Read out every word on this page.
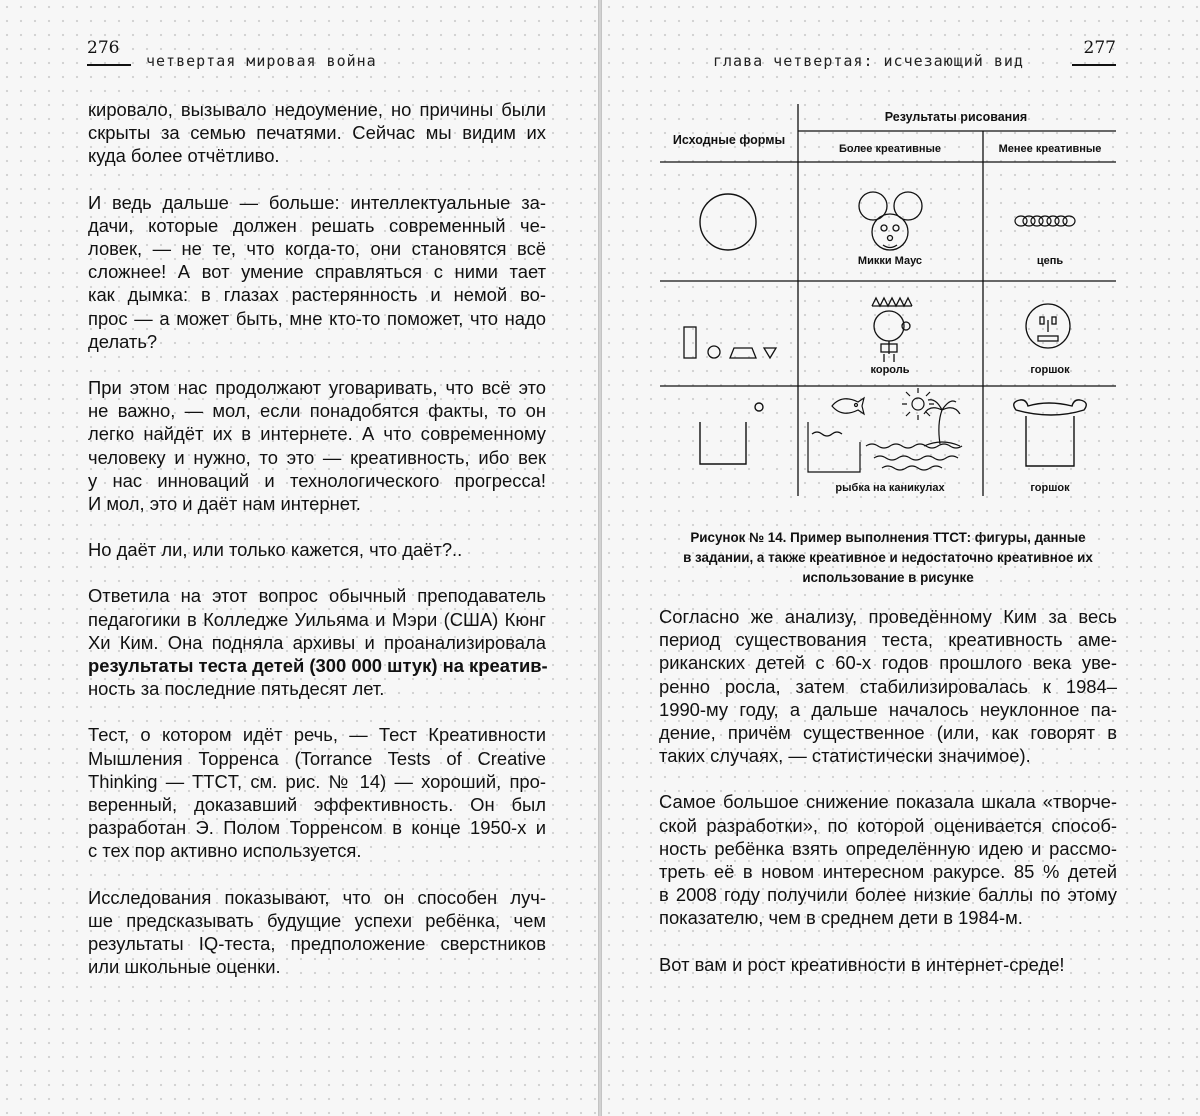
276
четвертая мировая война
кировало, вызывало недоумение, но причины были
скрыты за семью печатями. Сейчас мы видим их
куда более отчётливо.
И ведь дальше — больше: интеллектуальные за-
дачи, которые должен решать современный че-
ловек, — не те, что когда-то, они становятся всё
сложнее! А вот умение справляться с ними тает
как дымка: в глазах растерянность и немой во-
прос — а может быть, мне кто-то поможет, что надо
делать?
При этом нас продолжают уговаривать, что всё это
не важно, — мол, если понадобятся факты, то он
легко найдёт их в интернете. А что современному
человеку и нужно, то это — креативность, ибо век
у нас инноваций и технологического прогресса!
И мол, это и даёт нам интернет.
Но даёт ли, или только кажется, что даёт?..
Ответила на этот вопрос обычный преподаватель
педагогики в Колледже Уильяма и Мэри (США) Кюнг
Хи Ким. Она подняла архивы и проанализировала
результаты теста детей (300 000 штук) на креатив-
ность за последние пятьдесят лет.
Тест, о котором идёт речь, — Тест Креативности
Мышления Торренса (Torrance Tests of Creative
Thinking — TTCT, см. рис. № 14) — хороший, про-
веренный, доказавший эффективность. Он был
разработан Э. Полом Торренсом в конце 1950-х и
с тех пор активно используется.
Исследования показывают, что он способен луч-
ше предсказывать будущие успехи ребёнка, чем
результаты IQ-теста, предположение сверстников
или школьные оценки.
глава четвертая: исчезающий вид
277
Результаты рисования
Исходные формы
Более креативные	Менее креативные
Микки Маус	цепь
король	горшок
рыбка на каникулах	горшок
Рисунок № 14. Пример выполнения ТТСТ: фигуры, данные
в задании, а также креативное и недостаточно креативное их
использование в рисунке
Согласно же анализу, проведённому Ким за весь
период существования теста, креативность аме-
риканских детей с 60-х годов прошлого века уве-
ренно росла, затем стабилизировалась к 1984–
1990-му году, а дальше началось неуклонное па-
дение, причём существенное (или, как говорят в
таких случаях, — статистически значимое).
Самое большое снижение показала шкала «творче-
ской разработки», по которой оценивается способ-
ность ребёнка взять определённую идею и рассмо-
треть её в новом интересном ракурсе. 85 % детей
в 2008 году получили более низкие баллы по этому
показателю, чем в среднем дети в 1984-м.
Вот вам и рост креативности в интернет-среде!
